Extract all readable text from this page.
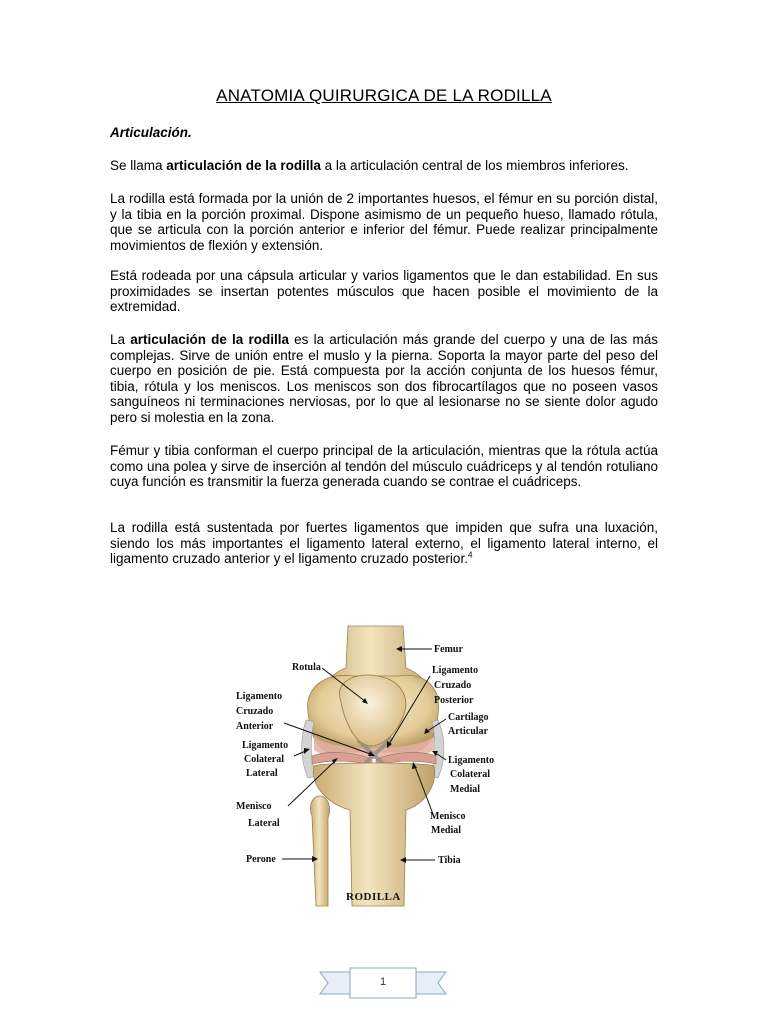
ANATOMIA QUIRURGICA DE LA RODILLA
Articulación.
Se llama articulación de la rodilla a la articulación central de los miembros inferiores.
La rodilla está formada por la unión de 2 importantes huesos, el fémur en su porción distal, y la tibia en la porción proximal. Dispone asimismo de un pequeño hueso, llamado rótula, que se articula con la porción anterior e inferior del fémur. Puede realizar principalmente movimientos de flexión y extensión.
Está rodeada por una cápsula articular y varios ligamentos que le dan estabilidad. En sus proximidades se insertan potentes músculos que hacen posible el movimiento de la extremidad.
La articulación de la rodilla es la articulación más grande del cuerpo y una de las más complejas. Sirve de unión entre el muslo y la pierna. Soporta la mayor parte del peso del cuerpo en posición de pie. Está compuesta por la acción conjunta de los huesos fémur, tibia, rótula y los meniscos. Los meniscos son dos fibrocartílagos que no poseen vasos sanguíneos ni terminaciones nerviosas, por lo que al lesionarse no se siente dolor agudo pero si molestia en la zona.
Fémur y tibia conforman el cuerpo principal de la articulación, mientras que la rótula actúa como una polea y sirve de inserción al tendón del músculo cuádriceps y al tendón rotuliano cuya función es transmitir la fuerza generada cuando se contrae el cuádriceps.
La rodilla está sustentada por fuertes ligamentos que impiden que sufra una luxación, siendo los más importantes el ligamento lateral externo, el ligamento lateral interno, el ligamento cruzado anterior y el ligamento cruzado posterior.$^4$
Femur
Rotula	Ligamento
Cruzado
Posterior
Ligamento
Cruzado
Anterior
Cartilago
Articular
Ligamento
Colateral
Lateral
Ligamento
Colateral
Medial
Menisco
Lateral
Menisco
Medial
Perone	Tibia
RODILLA
1
